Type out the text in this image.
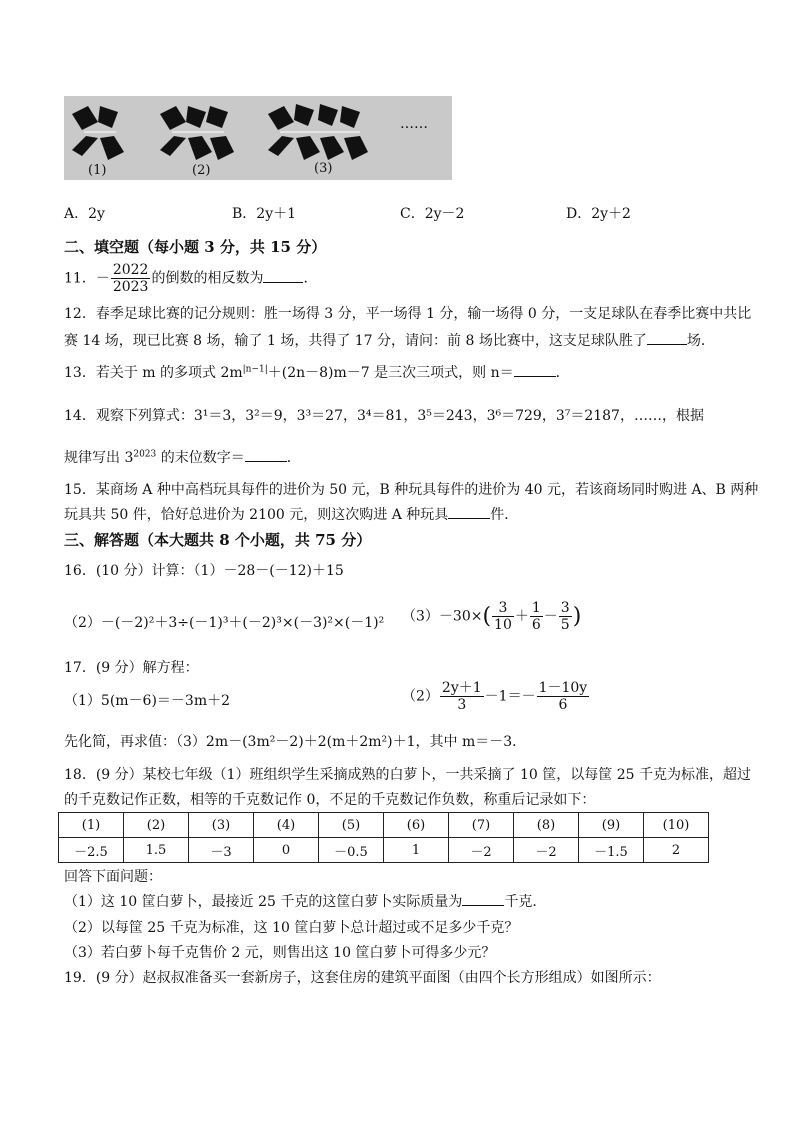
(1)	(2)	(3)
……
A．2y	B．2y＋1	C．2y－2	D．2y＋2
二、填空题（每小题 3 分，共 15 分）
11．－ $\frac{2022}{2023}$ 的倒数的相反数为	．
12．春季足球比赛的记分规则：胜一场得 3 分，平一场得 1 分，输一场得 0 分，一支足球队在春季比赛中共比
赛 14 场，现已比赛 8 场，输了 1 场，共得了 17 分，请问：前 8 场比赛中，这支足球队胜了	场．
13．若关于 m 的多项式 $2m^{|n-1|}+(2n-8)m-7$ 是三次三项式，则 n＝	．
14．观察下列算式：3¹＝3，3²＝9，3³＝27，3⁴＝81，3⁵＝243，3⁶＝729，3⁷＝2187，……，根据
规律写出 $3^{2023}$ 的末位数字＝	．
15．某商场 A 种中高档玩具每件的进价为 50 元，B 种玩具每件的进价为 40 元，若该商场同时购进 A、B 两种
玩具共 50 件，恰好总进价为 2100 元，则这次购进 A 种玩具	件．
三、解答题（本大题共 8 个小题，共 75 分）
16．(10 分）计算：（1）－28－(－12)＋15
（2）－(－2)²＋3÷(－1)³＋(－2)³×(－3)²×(－1)² $(3)-30\times( \frac{3}{10} + \frac{1}{6} - \frac{3}{5}$ )
17．(9 分）解方程：
（1）5(m－6)＝－3m＋2	$(2) \frac{2y+1}{3} -1=- \frac{1-10y}{6}$
先化简，再求值：（3）2m－(3m²－2)＋2(m＋2m²)＋1，其中 m＝－3．
18．(9 分）某校七年级（1）班组织学生采摘成熟的白萝卜，一共采摘了 10 筐，以每筐 25 千克为标准，超过
的千克数记作正数，相等的千克数记作 0，不足的千克数记作负数，称重后记录如下：
(1)	(2)	(3)	(4)	(5)	(6)	(7)	(8)	(9)	(10)
－2.5	1.5	－3	0	－0.5	1	－2	－2	－1.5	2
回答下面问题：
（1）这 10 筐白萝卜，最接近 25 千克的这筐白萝卜实际质量为	千克．
（2）以每筐 25 千克为标准，这 10 筐白萝卜总计超过或不足多少千克？
（3）若白萝卜每千克售价 2 元，则售出这 10 筐白萝卜可得多少元？
19．(9 分）赵叔叔准备买一套新房子，这套住房的建筑平面图（由四个长方形组成）如图所示：
